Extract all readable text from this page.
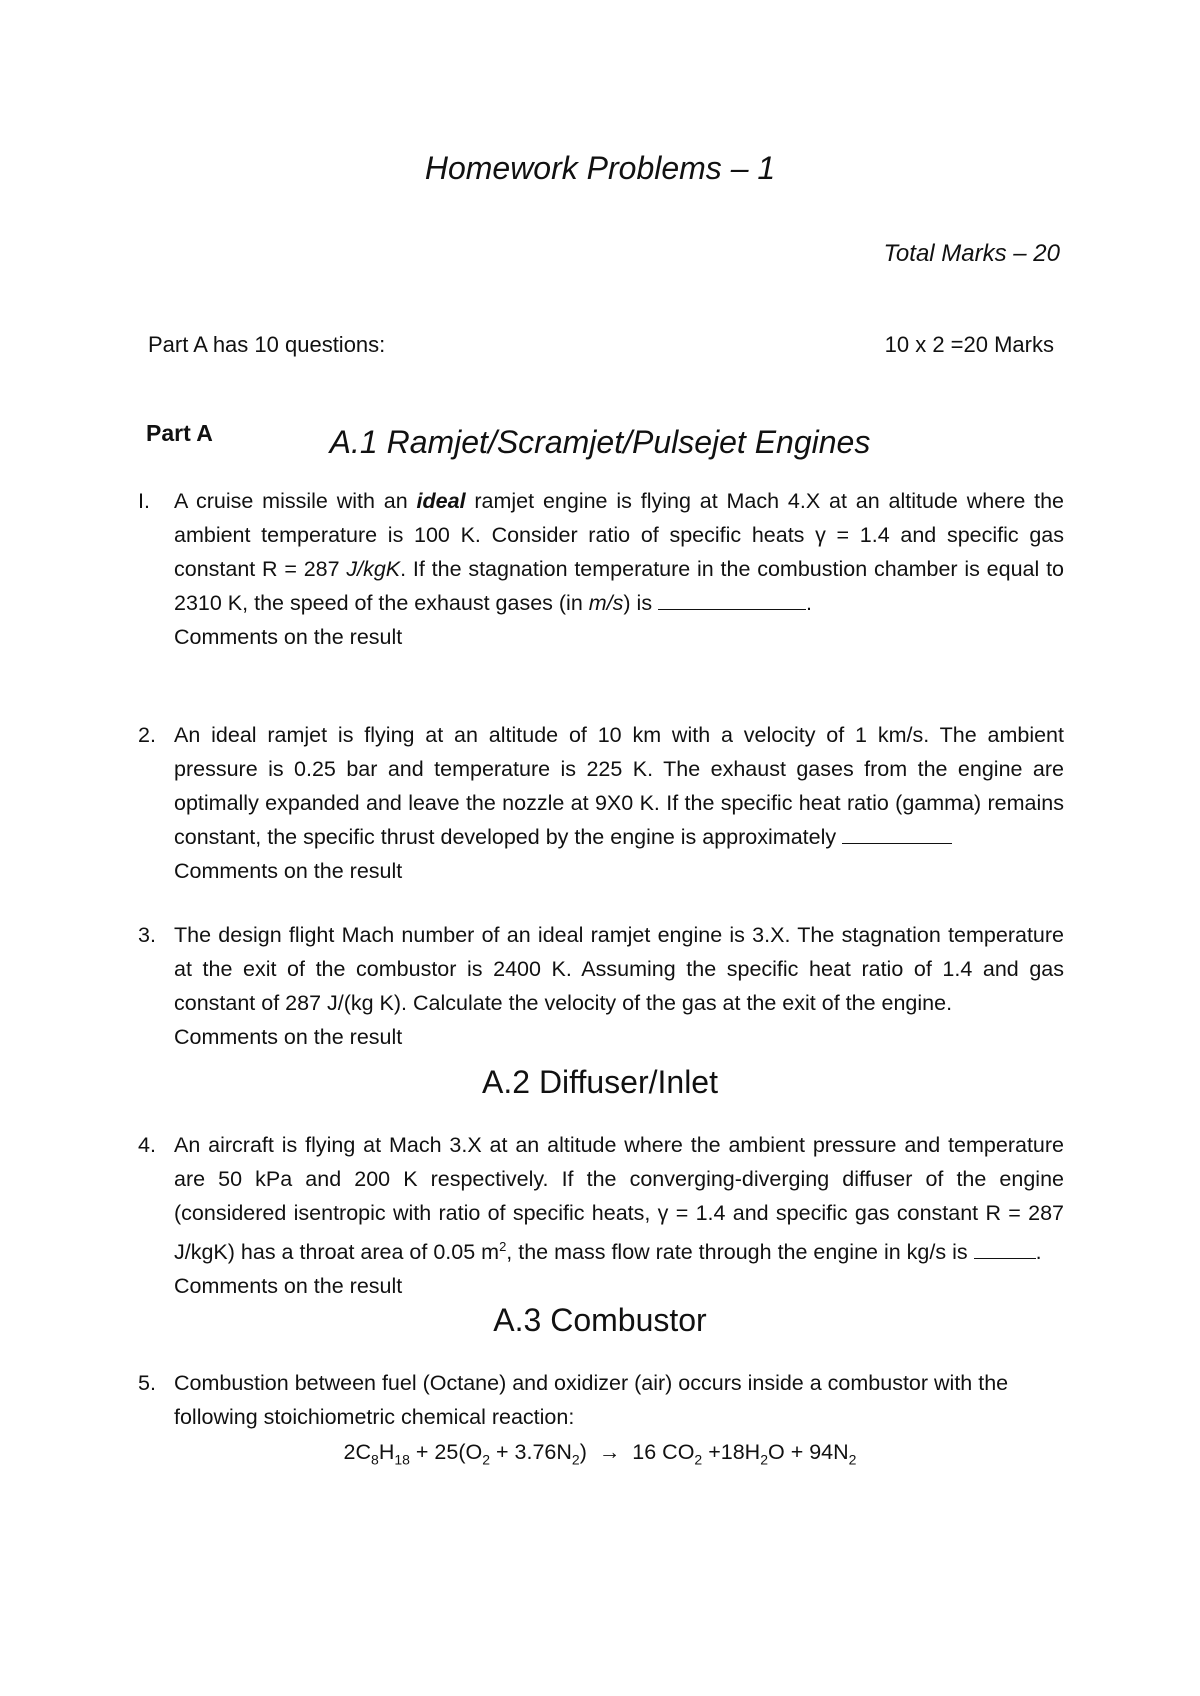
Homework Problems – 1
Total Marks – 20
Part A has 10 questions:	10 x 2 =20 Marks
Part A	A.1 Ramjet/Scramjet/Pulsejet Engines
I. A cruise missile with an ideal ramjet engine is flying at Mach 4.X at an altitude where the ambient temperature is 100 K. Consider ratio of specific heats γ = 1.4 and specific gas constant R = 287 J/kgK. If the stagnation temperature in the combustion chamber is equal to 2310 K, the speed of the exhaust gases (in m/s) is	.

Comments on the result

2. An ideal ramjet is flying at an altitude of 10 km with a velocity of 1 km/s. The ambient pressure is 0.25 bar and temperature is 225 K. The exhaust gases from the engine are optimally expanded and leave the nozzle at 9X0 K. If the specific heat ratio (gamma) remains constant, the specific thrust developed by the engine is approximately

Comments on the result

3. The design flight Mach number of an ideal ramjet engine is 3.X. The stagnation temperature at the exit of the combustor is 2400 K. Assuming the specific heat ratio of 1.4 and gas constant of 287 J/(kg K). Calculate the velocity of the gas at the exit of the engine.

Comments on the result

A.2 Diffuser/Inlet
4. An aircraft is flying at Mach 3.X at an altitude where the ambient pressure and temperature are 50 kPa and 200 K respectively. If the converging-diverging diffuser of the engine (considered isentropic with ratio of specific heats, γ = 1.4 and specific gas constant R = 287 J/kgK) has a throat area of 0.05 $m^2$, the mass flow rate through the engine in kg/s is	.

Comments on the result

A.3 Combustor
5. Combustion between fuel (Octane) and oxidizer (air) occurs inside a combustor with the following stoichiometric chemical reaction:

$2C_8H_{18} + 25(O_2 + 3.76N_2) \to 16$ $CO_2 +18H_2O + 94N_2$
